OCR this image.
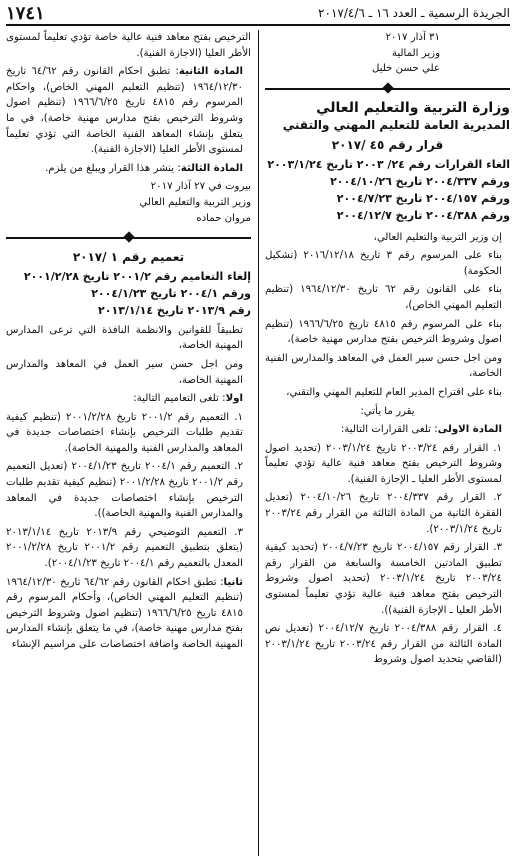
١٧٤١	الجريدة الرسمية ـ العدد ١٦ ـ ٢٠١٧/٤/٦
٣١ آذار ٢٠١٧
وزير المالية
علي حسن خليل
وزارة التربية والتعليم العالي
المديرية العامة للتعليم المهني والتقني
قرار رقم ٤٥ /٢٠١٧
الغاء القرارات رقم ٢٤/ ٢٠٠٣ تاريخ ٢٠٠٣/١/٢٤
ورقم ٢٠٠٤/٣٣٧ تاريخ ٢٠٠٤/١٠/٢٦
ورقم ٢٠٠٤/١٥٧ تاريخ ٢٠٠٤/٧/٢٣
ورقم ٢٠٠٤/٣٨٨ تاريخ ٢٠٠٤/١٢/٧

إن وزير التربية والتعليم العالي،

بناء على المرسوم رقم ٣ تاريخ ٢٠١٦/١٢/١٨ (تشكيل الحكومة)

بناء على القانون رقم ٦٢ تاريخ ١٩٦٤/١٢/٣٠ (تنظيم التعليم المهني الخاص)،

بناء على المرسوم رقم ٤٨١٥ تاريخ ١٩٦٦/٦/٢٥ (تنظيم اصول وشروط الترخيص بفتح مدارس مهنية خاصة)،

ومن اجل حسن سير العمل في المعاهد والمدارس الفنية الخاصة،

بناء على اقتراح المدير العام للتعليم المهني والتقني،

يقرر ما يأتي:

المادة الاولى: تلغى القرارات التالية:

١. القرار رقم ٢٠٠٣/٢٤ تاريخ ٢٠٠٣/١/٢٤ (تحديد اصول وشروط الترخيص بفتح معاهد فنية عالية تؤدي تعليماً لمستوى الأطر العليا ـ الإجازة الفنية).

٢. القرار رقم ٢٠٠٤/٣٣٧ تاريخ ٢٠٠٤/١٠/٢٦ (تعديل الفقرة الثانية من المادة الثالثة من القرار رقم ٢٠٠٣/٢٤ تاريخ ٢٠٠٣/١/٢٤).

٣. القرار رقم ٢٠٠٤/١٥٧ تاريخ ٢٠٠٤/٧/٢٣ (تحديد كيفية تطبيق المادتين الخامسة والسابعة من القرار رقم ٢٠٠٣/٢٤ تاريخ ٢٠٠٣/١/٢٤ (تحديد اصول وشروط الترخيص بفتح معاهد فنية عالية تؤدي تعليماً لمستوى الأطر العليا ـ الإجازة الفنية)).

٤. القرار رقم ٢٠٠٤/٣٨٨ تاريخ ٢٠٠٤/١٢/٧ (تعديل نص المادة الثالثة من القرار رقم ٢٠٠٣/٢٤ تاريخ ٢٠٠٣/١/٢٤ (القاضي بتحديد اصول وشروط

الترخيص بفتح معاهد فنية عالية خاصة تؤدي تعليماً لمستوى الأطر العليا (الاجازة الفنية).

المادة الثانية: تطبق احكام القانون رقم ٦٤/٦٢ تاريخ ١٩٦٤/١٢/٣٠ (تنظيم التعليم المهني الخاص)، واحكام المرسوم رقم ٤٨١٥ تاريخ ١٩٦٦/٦/٢٥ (تنظيم اصول وشروط الترخيص بفتح مدارس مهنية خاصة)، في ما يتعلق بإنشاء المعاهد الفنية الخاصة التي تؤدي تعليماً لمستوى الأطر العليا (الاجازة الفنية).

المادة الثالثة: ينشر هذا القرار ويبلغ من يلزم.

بيروت في ٢٧ آذار ٢٠١٧
وزير التربية والتعليم العالي
مروان حماده
تعميم رقم ١ /٢٠١٧
إلغاء التعاميم رقم ٢٠٠١/٢ تاريخ ٢٠٠١/٢/٢٨
ورقم ٢٠٠٤/١ تاريخ ٢٠٠٤/١/٢٣
رقم ٢٠١٣/٩ تاريخ ٢٠١٣/١/١٤

تطبيقاً للقوانين والانظمة النافذة التي ترعى المدارس المهنية الخاصة،

ومن اجل حسن سير العمل في المعاهد والمدارس المهنية الخاصة،

اولا: تلغى التعاميم التالية:

١. التعميم رقم ٢٠٠١/٢ تاريخ ٢٠٠١/٢/٢٨ (تنظيم كيفية تقديم طلبات الترخيص بإنشاء اختصاصات جديدة في المعاهد والمدارس الفنية والمهنية الخاصة).

٢. التعميم رقم ٢٠٠٤/١ تاريخ ٢٠٠٤/١/٢٣ (تعديل التعميم رقم ٢٠٠١/٢ تاريخ ٢٠٠١/٢/٢٨ (تنظيم كيفية تقديم طلبات الترخيص بإنشاء اختصاصات جديدة في المعاهد والمدارس الفنية والمهنية الخاصة)).

٣. التعميم التوضيحي رقم ٢٠١٣/٩ تاريخ ٢٠١٣/١/١٤ (يتعلق بتطبيق التعميم رقم ٢٠٠١/٢ تاريخ ٢٠٠١/٢/٢٨ المعدل بالتعميم رقم ٢٠٠٤/١ تاريخ ٢٠٠٤/١/٢٣).

ثانيا: تطبق احكام القانون رقم ٦٤/٦٢ تاريخ ١٩٦٤/١٢/٣٠ (تنظيم التعليم المهني الخاص)، وأحكام المرسوم رقم ٤٨١٥ تاريخ ١٩٦٦/٦/٢٥ (تنظيم اصول وشروط الترخيص بفتح مدارس مهنية خاصة)، في ما يتعلق بإنشاء المدارس المهنية الخاصة واضافة اختصاصات على مراسيم الإنشاء
